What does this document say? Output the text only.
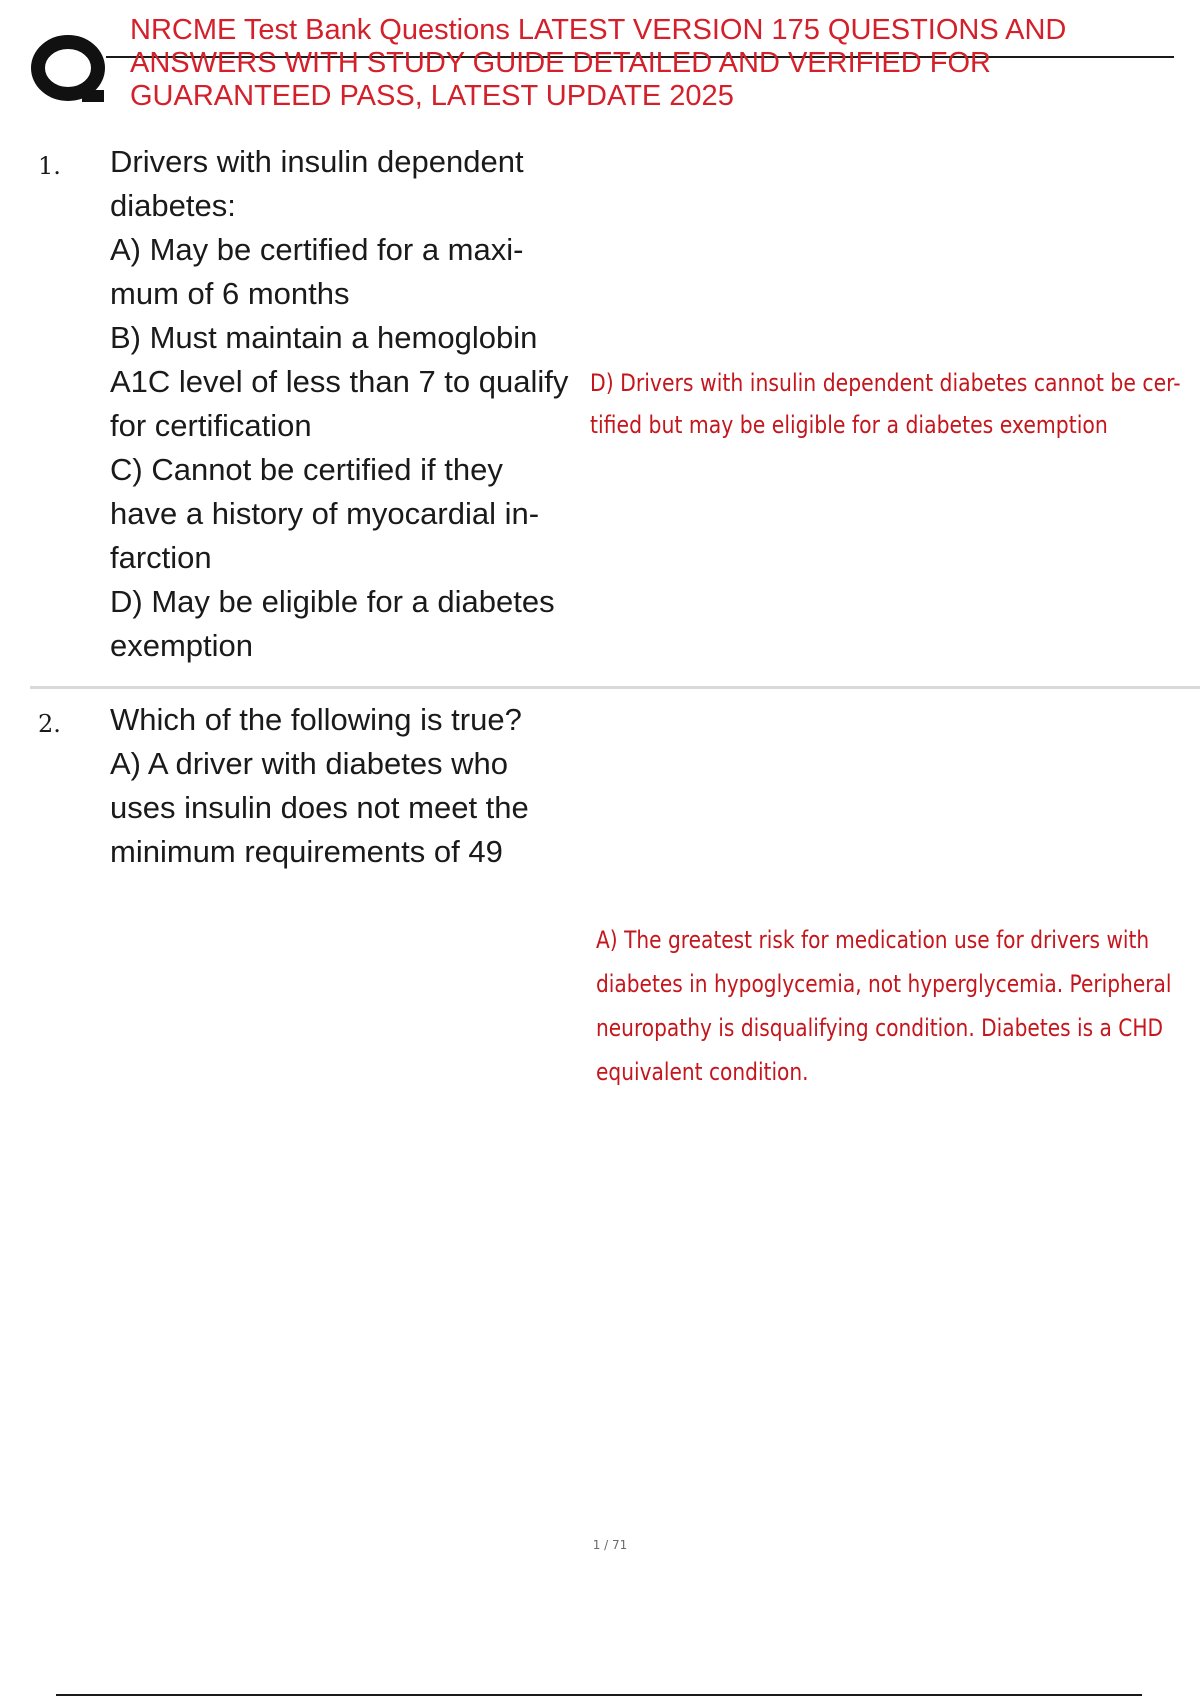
NRCME Test Bank Questions LATEST VERSION 175 QUESTIONS AND ANSWERS WITH STUDY GUIDE DETAILED AND VERIFIED FOR GUARANTEED PASS, LATEST UPDATE 2025
1. Drivers with insulin dependent
diabetes:
A) May be certified for a maxi-
mum of 6 months
B) Must maintain a hemoglobin
A1C level of less than 7 to qualify
for certification
C) Cannot be certified if they
have a history of myocardial in-
farction
D) May be eligible for a diabetes
exemption
D) Drivers with insulin dependent diabetes cannot be cer-
tified but may be eligible for a diabetes exemption
2. Which of the following is true?
A) A driver with diabetes who
uses insulin does not meet the
minimum requirements of 49
A) The greatest risk for medication use for drivers with
diabetes in hypoglycemia, not hyperglycemia. Peripheral
neuropathy is disqualifying condition. Diabetes is a CHD
equivalent condition.
1 / 71
